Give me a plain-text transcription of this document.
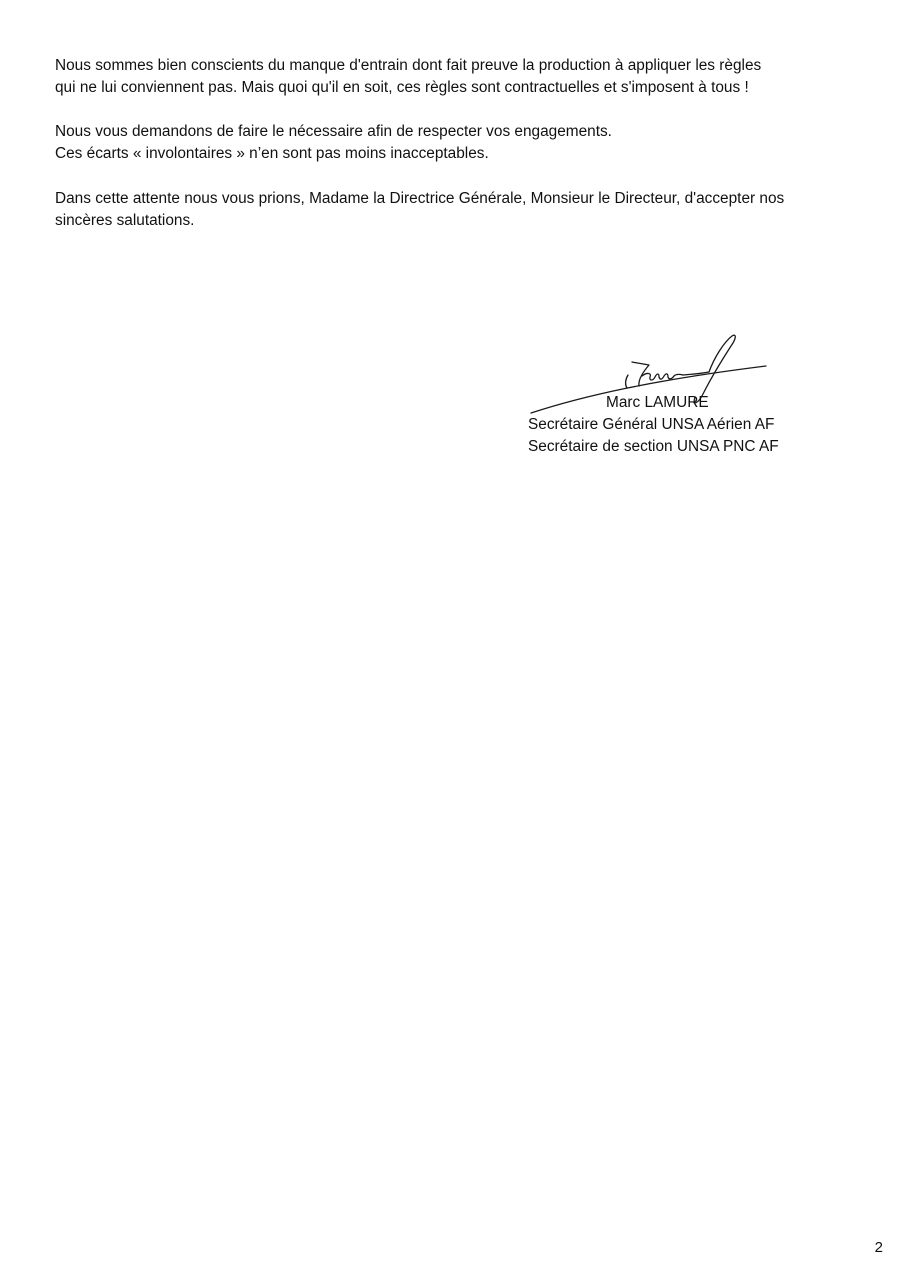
Nous sommes bien conscients du manque d'entrain dont fait preuve la production à appliquer les règles
qui ne lui conviennent pas. Mais quoi qu'il en soit, ces règles sont contractuelles et s'imposent à tous !
Nous vous demandons de faire le nécessaire afin de respecter vos engagements.
Ces écarts « involontaires » n’en sont pas moins inacceptables.
Dans cette attente nous vous prions, Madame la Directrice Générale, Monsieur le Directeur, d'accepter nos
sincères salutations.
Marc LAMURE
Secrétaire Général UNSA Aérien AF
Secrétaire de section UNSA PNC AF
2
